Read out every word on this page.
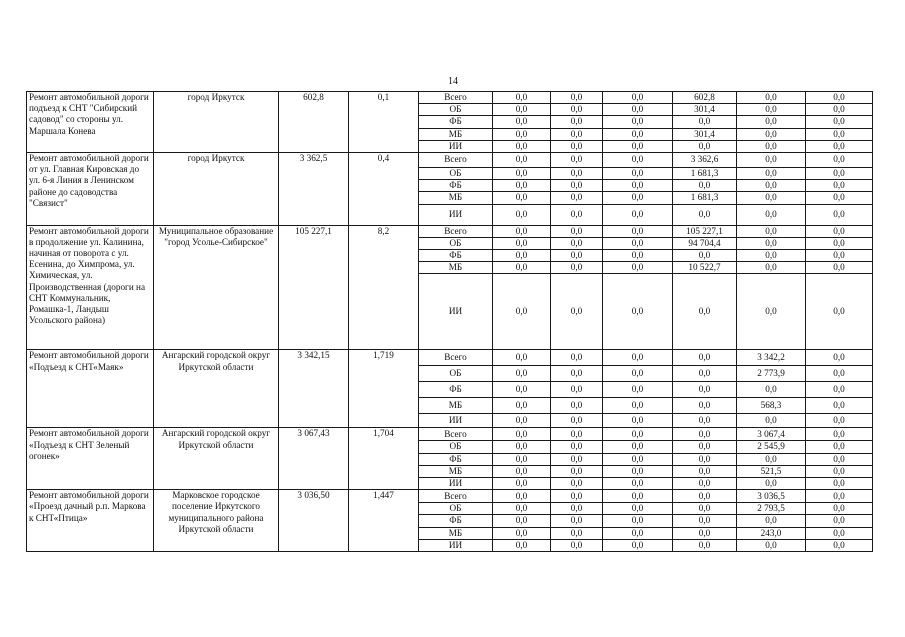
14
Ремонт автомобильной дороги подъезд к СНТ "Сибирский садовод" со стороны ул. Маршала Конева	город Иркутск	602,8	0,1	Всего	0,0	0,0	0,0	602,8	0,0	0,0
				ОБ	0,0	0,0	0,0	301,4	0,0	0,0
				ФБ	0,0	0,0	0,0	0,0	0,0	0,0
				МБ	0,0	0,0	0,0	301,4	0,0	0,0
				ИИ	0,0	0,0	0,0	0,0	0,0	0,0
Ремонт автомобильной дороги от ул. Главная Кировская до ул. 6-я Линия в Ленинском районе до садоводства "Связист"	город Иркутск	3 362,5	0,4	Всего	0,0	0,0	0,0	3 362,6	0,0	0,0
				ОБ	0,0	0,0	0,0	1 681,3	0,0	0,0
				ФБ	0,0	0,0	0,0	0,0	0,0	0,0
				МБ	0,0	0,0	0,0	1 681,3	0,0	0,0
				ИИ	0,0	0,0	0,0	0,0	0,0	0,0
Ремонт автомобильной дороги в продолжение ул. Калинина, начиная от поворота с ул. Есенина, до Химпрома, ул. Химическая, ул. Производственная (дороги на СНТ Коммунальник, Ромашка-1, Ландыш Усольского района)	Муниципальное образование "город Усолье-Сибирское"	105 227,1	8,2	Всего	0,0	0,0	0,0	105 227,1	0,0	0,0
				ОБ	0,0	0,0	0,0	94 704,4	0,0	0,0
				ФБ	0,0	0,0	0,0	0,0	0,0	0,0
				МБ	0,0	0,0	0,0	10 522,7	0,0	0,0
				ИИ	0,0	0,0	0,0	0,0	0,0	0,0
Ремонт автомобильной дороги «Подъезд к СНТ«Маяк»	Ангарский городской округ Иркутской области	3 342,15	1,719	Всего	0,0	0,0	0,0	0,0	3 342,2	0,0
				ОБ	0,0	0,0	0,0	0,0	2 773,9	0,0
				ФБ	0,0	0,0	0,0	0,0	0,0	0,0
				МБ	0,0	0,0	0,0	0,0	568,3	0,0
				ИИ	0,0	0,0	0,0	0,0	0,0	0,0
Ремонт автомобильной дороги «Подъезд к СНТ Зеленый огонек»	Ангарский городской округ Иркутской области	3 067,43	1,704	Всего	0,0	0,0	0,0	0,0	3 067,4	0,0
				ОБ	0,0	0,0	0,0	0,0	2 545,9	0,0
				ФБ	0,0	0,0	0,0	0,0	0,0	0,0
				МБ	0,0	0,0	0,0	0,0	521,5	0,0
				ИИ	0,0	0,0	0,0	0,0	0,0	0,0
Ремонт автомобильной дороги «Проезд дачный р.п. Маркова к СНТ«Птица»	Марковское городское поселение Иркутского муниципального района Иркутской области	3 036,50	1,447	Всего	0,0	0,0	0,0	0,0	3 036,5	0,0
				ОБ	0,0	0,0	0,0	0,0	2 793,5	0,0
				ФБ	0,0	0,0	0,0	0,0	0,0	0,0
				МБ	0,0	0,0	0,0	0,0	243,0	0,0
				ИИ	0,0	0,0	0,0	0,0	0,0	0,0
